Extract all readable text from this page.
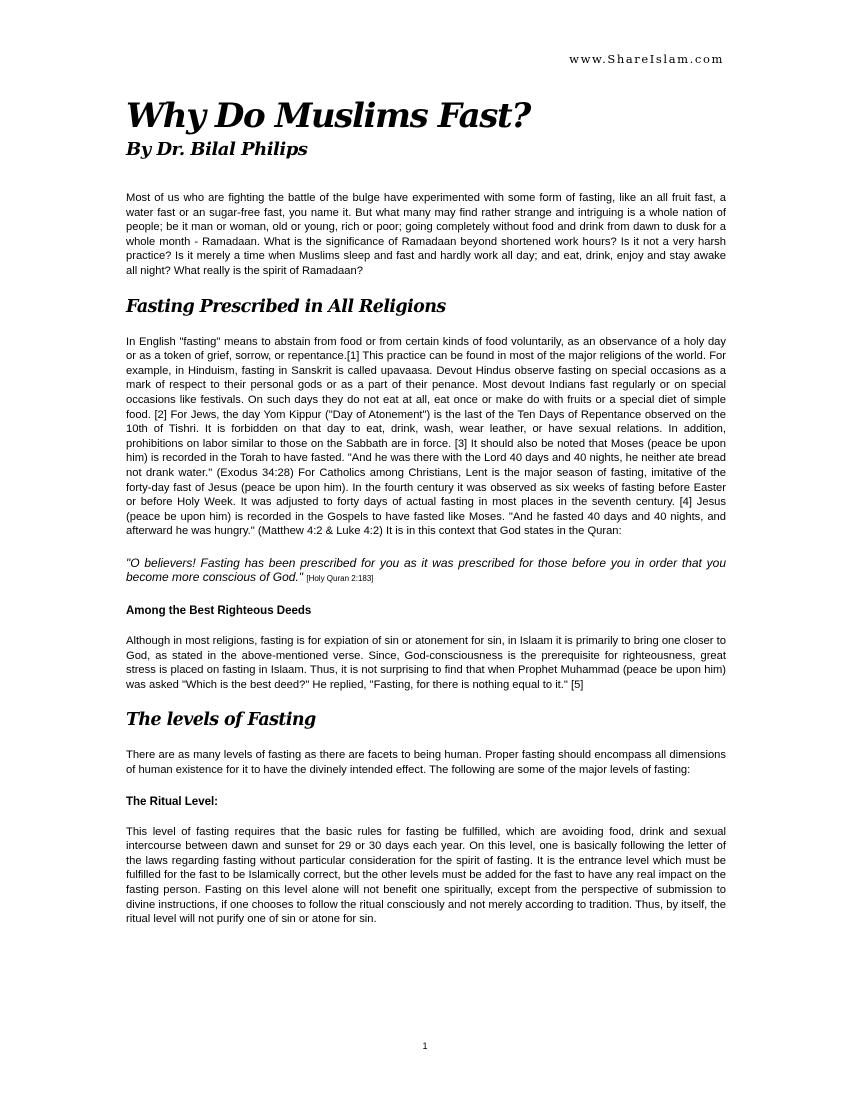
www.ShareIslam.com
Why Do Muslims Fast?
By Dr. Bilal Philips

Most of us who are fighting the battle of the bulge have experimented with some form of fasting, like an all fruit fast, a water fast or an sugar-free fast, you name it. But what many may find rather strange and intriguing is a whole nation of people; be it man or woman, old or young, rich or poor; going completely without food and drink from dawn to dusk for a whole month - Ramadaan. What is the significance of Ramadaan beyond shortened work hours? Is it not a very harsh practice? Is it merely a time when Muslims sleep and fast and hardly work all day; and eat, drink, enjoy and stay awake all night? What really is the spirit of Ramadaan?

Fasting Prescribed in All Religions

In English "fasting" means to abstain from food or from certain kinds of food voluntarily, as an observance of a holy day or as a token of grief, sorrow, or repentance.[1] This practice can be found in most of the major religions of the world. For example, in Hinduism, fasting in Sanskrit is called upavaasa. Devout Hindus observe fasting on special occasions as a mark of respect to their personal gods or as a part of their penance. Most devout Indians fast regularly or on special occasions like festivals. On such days they do not eat at all, eat once or make do with fruits or a special diet of simple food. [2] For Jews, the day Yom Kippur ("Day of Atonement") is the last of the Ten Days of Repentance observed on the 10th of Tishri. It is forbidden on that day to eat, drink, wash, wear leather, or have sexual relations. In addition, prohibitions on labor similar to those on the Sabbath are in force. [3] It should also be noted that Moses (peace be upon him) is recorded in the Torah to have fasted. "And he was there with the Lord 40 days and 40 nights, he neither ate bread not drank water." (Exodus 34:28) For Catholics among Christians, Lent is the major season of fasting, imitative of the forty-day fast of Jesus (peace be upon him). In the fourth century it was observed as six weeks of fasting before Easter or before Holy Week. It was adjusted to forty days of actual fasting in most places in the seventh century. [4] Jesus (peace be upon him) is recorded in the Gospels to have fasted like Moses. "And he fasted 40 days and 40 nights, and afterward he was hungry." (Matthew 4:2 & Luke 4:2) It is in this context that God states in the Quran:

"O believers! Fasting has been prescribed for you as it was prescribed for those before you in order that you become more conscious of God." [Holy Quran 2:183]

Among the Best Righteous Deeds

Although in most religions, fasting is for expiation of sin or atonement for sin, in Islaam it is primarily to bring one closer to God, as stated in the above-mentioned verse. Since, God-consciousness is the prerequisite for righteousness, great stress is placed on fasting in Islaam. Thus, it is not surprising to find that when Prophet Muhammad (peace be upon him) was asked "Which is the best deed?" He replied, "Fasting, for there is nothing equal to it." [5]

The levels of Fasting

There are as many levels of fasting as there are facets to being human. Proper fasting should encompass all dimensions of human existence for it to have the divinely intended effect. The following are some of the major levels of fasting:

The Ritual Level:

This level of fasting requires that the basic rules for fasting be fulfilled, which are avoiding food, drink and sexual intercourse between dawn and sunset for 29 or 30 days each year. On this level, one is basically following the letter of the laws regarding fasting without particular consideration for the spirit of fasting. It is the entrance level which must be fulfilled for the fast to be Islamically correct, but the other levels must be added for the fast to have any real impact on the fasting person. Fasting on this level alone will not benefit one spiritually, except from the perspective of submission to divine instructions, if one chooses to follow the ritual consciously and not merely according to tradition. Thus, by itself, the ritual level will not purify one of sin or atone for sin.

1
